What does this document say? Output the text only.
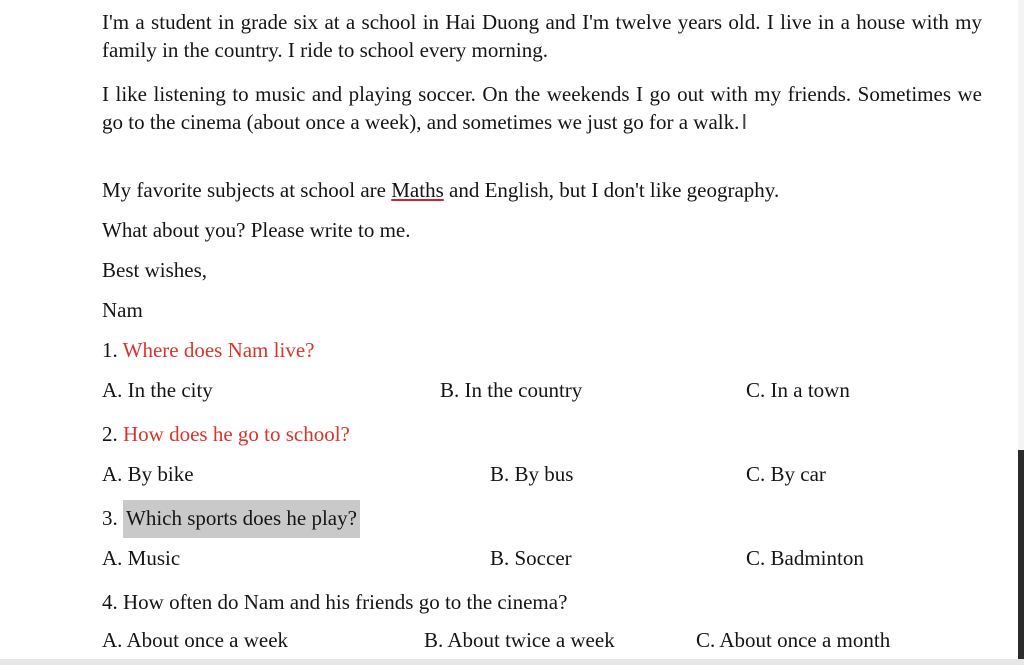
I'm a student in grade six at a school in Hai Duong and I'm twelve years old. I live in a house with my family in the country. I ride to school every morning.
I like listening to music and playing soccer. On the weekends I go out with my friends. Sometimes we go to the cinema (about once a week), and sometimes we just go for a walk. I
My favorite subjects at school are Maths and English, but I don't like geography.
What about you? Please write to me.
Best wishes,
Nam
1. Where does Nam live?
A. In the city	B. In the country	C. In a town
2. How does he go to school?
A. By bike	B. By bus	C. By car
3. Which sports does he play?
A. Music	B. Soccer	C. Badminton
4. How often do Nam and his friends go to the cinema?
A. About once a week	B. About twice a week	C. About once a month
